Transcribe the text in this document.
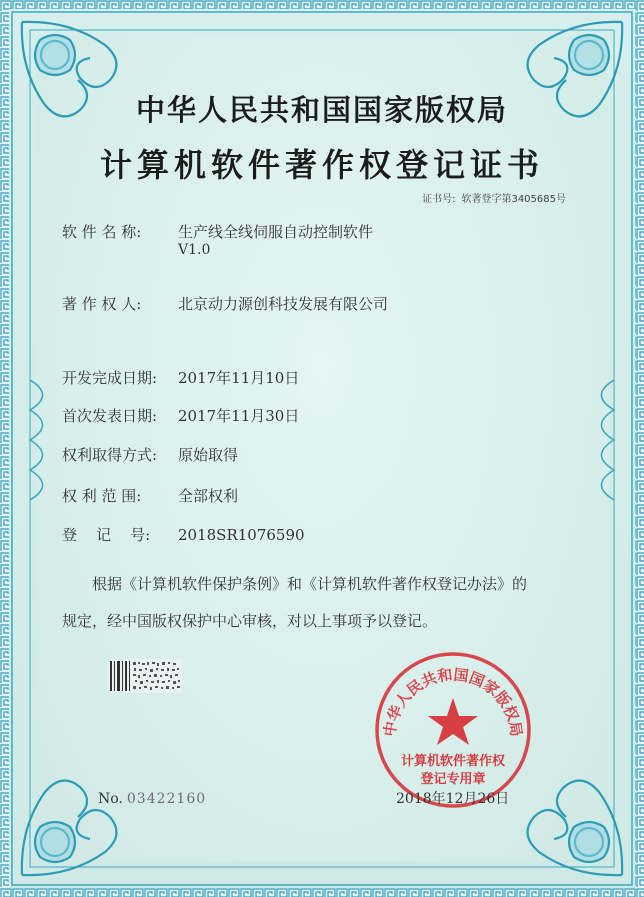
中华人民共和国国家版权局
计算机软件著作权登记证书
证书号: 软著登字第3405685号
软 件 名 称: 生产线全线伺服自动控制软件
V1.0
著 作 权 人: 北京动力源创科技发展有限公司
开发完成日期: 2017年11月10日
首次发表日期: 2017年11月30日
权利取得方式: 原始取得
权 利 范 围: 全部权利
登    记    号: 2018SR1076590
根据《计算机软件保护条例》和《计算机软件著作权登记办法》的
规定，经中国版权保护中心审核，对以上事项予以登记。
中华人民共和国国家版权局
计算机软件著作权
登记专用章
No. 03422160	2018年12月26日
